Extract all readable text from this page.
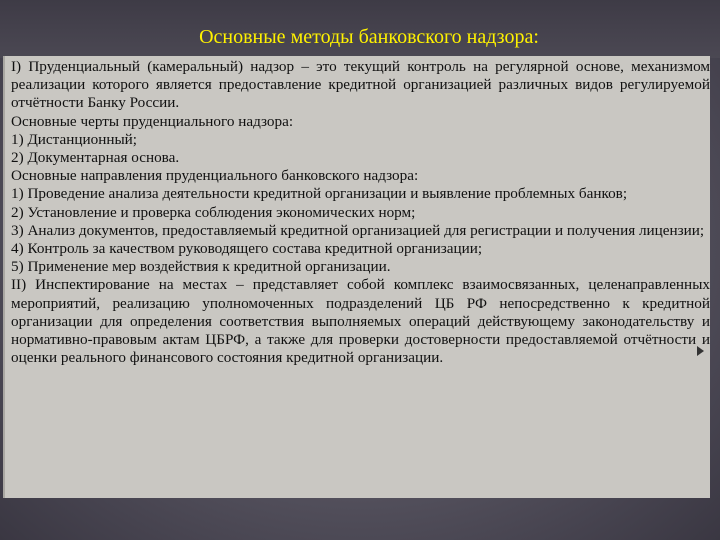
Основные методы банковского надзора:

I) Пруденциальный (камеральный) надзор – это текущий контроль на регулярной основе, механизмом реализации которого является предоставление кредитной организацией различных видов регулируемой отчётности Банку России.

Основные черты пруденциального надзора:

1) Дистанционный;

2) Документарная основа.

Основные направления пруденциального банковского надзора:

1) Проведение анализа деятельности кредитной организации и выявление проблемных банков;

2) Установление и проверка соблюдения экономических норм;

3) Анализ документов, предоставляемый кредитной организацией для регистрации и получения лицензии;

4) Контроль за качеством руководящего состава кредитной организации;

5) Применение мер воздействия к кредитной организации.

II) Инспектирование на местах – представляет собой комплекс взаимосвязанных, целенаправленных мероприятий, реализацию уполномоченных подразделений ЦБ РФ непосредственно к кредитной организации для определения соответствия выполняемых операций действующему законодательству и нормативно-правовым актам ЦБРФ, а также для проверки достоверности предоставляемой отчётности и оценки реального финансового состояния кредитной организации.
